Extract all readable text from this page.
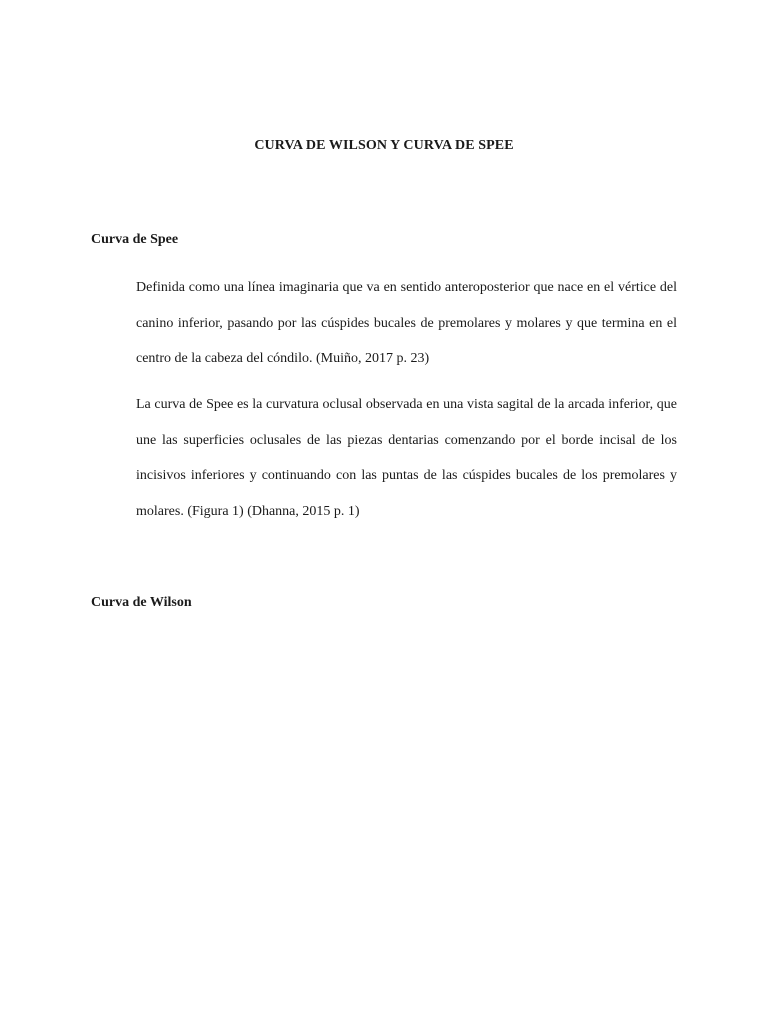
CURVA DE WILSON Y CURVA DE SPEE
Curva de Spee

Definida como una línea imaginaria que va en sentido anteroposterior que nace en el vértice del canino inferior, pasando por las cúspides bucales de premolares y molares y que termina en el centro de la cabeza del cóndilo. (Muiño, 2017 p. 23)

La curva de Spee es la curvatura oclusal observada en una vista sagital de la arcada inferior, que une las superficies oclusales de las piezas dentarias comenzando por el borde incisal de los incisivos inferiores y continuando con las puntas de las cúspides bucales de los premolares y molares. (Figura 1) (Dhanna, 2015 p. 1)

Curva de Wilson
